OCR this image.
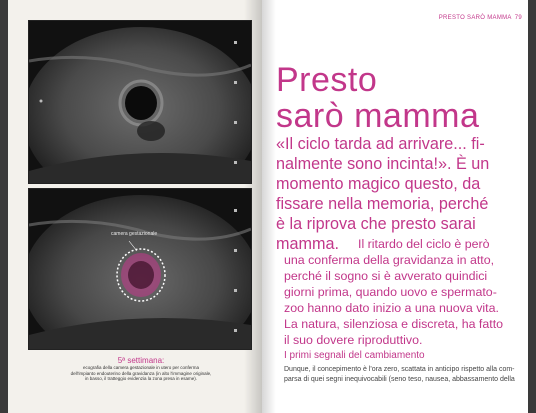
camera gestazionale
5ª settimana:
ecografia della camera gestazionale in utero per conferma
dell'impianto endouterino della gravidanza (in alto l'immagine originale,
in basso, il tratteggio evidenzia la zona presa in esame).
PRESTO SARÒ MAMMA 79
Presto
sarò mamma
«Il ciclo tarda ad arrivare... fi-
nalmente sono incinta!». È un
momento magico questo, da
fissare nella memoria, perché
è la riprova che presto sarai
mamma.	Il ritardo del ciclo è però
una conferma della gravidanza in atto,
perché il sogno si è avverato quindici
giorni prima, quando uovo e spermato-
zoo hanno dato inizio a una nuova vita.
La natura, silenziosa e discreta, ha fatto
il suo dovere riproduttivo.
I primi segnali del cambiamento
Dunque, il concepimento è l'ora zero, scattata in anticipo rispetto alla com-
parsa di quei segni inequivocabili (seno teso, nausea, abbassamento della
